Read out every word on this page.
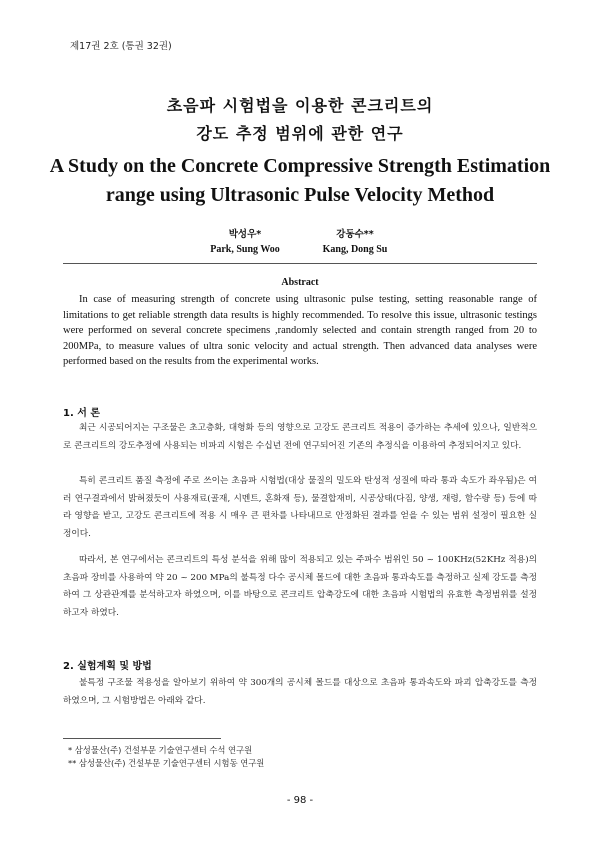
제17권 2호 (통권 32권)
초음파 시험법을 이용한 콘크리트의
강도 추정 범위에 관한 연구
A Study on the Concrete Compressive Strength Estimation
range using Ultrasonic Pulse Velocity Method
박성우*
Park, Sung Woo
강동수**
Kang, Dong Su
Abstract
In case of measuring strength of concrete using ultrasonic pulse testing, setting reasonable range of limitations to get reliable strength data results is highly recommended. To resolve this issue, ultrasonic testings were performed on several concrete specimens ,randomly selected and contain strength ranged from 20 to 200MPa, to measure values of ultra sonic velocity and actual strength. Then advanced data analyses were performed based on the results from the experimental works.
1. 서 론
최근 시공되어지는 구조물은 초고층화, 대형화 등의 영향으로 고강도 콘크리트 적용이 증가하는 추세에 있으나, 일반적으로 콘크리트의 강도추정에 사용되는 비파괴 시험은 수십년 전에 연구되어진 기존의 추정식을 이용하여 추정되어지고 있다.
특히 콘크리트 품질 측정에 주로 쓰이는 초음파 시험법(대상 물질의 밀도와 탄성적 성질에 따라 통과 속도가 좌우됨)은 여러 연구결과에서 밝혀졌듯이 사용재료(골재, 시멘트, 혼화재 등), 물결합재비, 시공상태(다짐, 양생, 재령, 함수량 등) 등에 따라 영향을 받고, 고강도 콘크리트에 적용 시 매우 큰 편차를 나타내므로 안정화된 결과를 얻을 수 있는 범위 설정이 필요한 실정이다.
따라서, 본 연구에서는 콘크리트의 특성 분석을 위해 많이 적용되고 있는 주파수 범위인 50 ~ 100KHz(52KHz 적용)의 초음파 장비를 사용하여 약 20 ~ 200 MPa의 불특정 다수 공시체 몰드에 대한 초음파 통과속도를 측정하고 실제 강도를 측정하여 그 상관관계를 분석하고자 하였으며, 이를 바탕으로 콘크리트 압축강도에 대한 초음파 시험법의 유효한 측정범위를 설정하고자 하였다.
2. 실험계획 및 방법
불특정 구조물 적용성을 알아보기 위하여 약 300개의 공시체 몰드를 대상으로 초음파 통과속도와 파괴 압축강도를 측정하였으며, 그 시험방법은 아래와 같다.
* 삼성물산(주) 건설부문 기술연구센터 수석 연구원
** 삼성물산(주) 건설부문 기술연구센터 시험동 연구원
- 98 -
